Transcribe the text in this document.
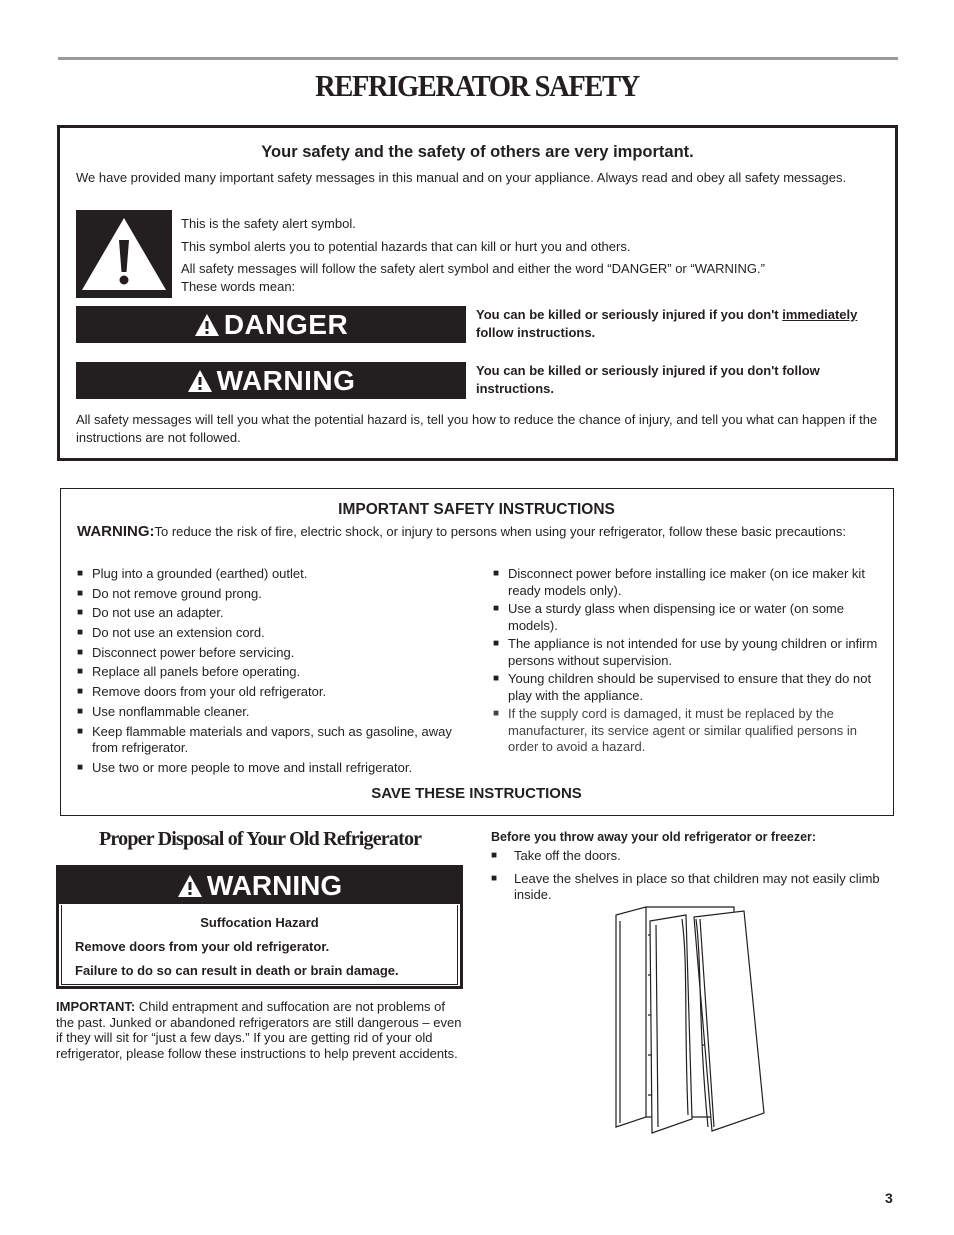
REFRIGERATOR SAFETY
Your safety and the safety of others are very important.
We have provided many important safety messages in this manual and on your appliance. Always read and obey all safety messages.
This is the safety alert symbol.
This symbol alerts you to potential hazards that can kill or hurt you and others.
All safety messages will follow the safety alert symbol and either the word “DANGER” or “WARNING.”
These words mean:
DANGER	You can be killed or seriously injured if you don't immediately follow instructions.
WARNING	You can be killed or seriously injured if you don't follow instructions.
All safety messages will tell you what the potential hazard is, tell you how to reduce the chance of injury, and tell you what can happen if the instructions are not followed.
IMPORTANT SAFETY INSTRUCTIONS
WARNING:To reduce the risk of fire, electric shock, or injury to persons when using your refrigerator, follow these basic precautions:
■ Plug into a grounded (earthed) outlet.
■ Do not remove ground prong.
■ Do not use an adapter.
■ Do not use an extension cord.
■ Disconnect power before servicing.
■ Replace all panels before operating.
■ Remove doors from your old refrigerator.
■ Use nonflammable cleaner.
■ Keep flammable materials and vapors, such as gasoline, away from refrigerator.
■ Use two or more people to move and install refrigerator.
■ Disconnect power before installing ice maker (on ice maker kit ready models only).
■ Use a sturdy glass when dispensing ice or water (on some models).
■ The appliance is not intended for use by young children or infirm persons without supervision.
■ Young children should be supervised to ensure that they do not play with the appliance.
■ If the supply cord is damaged, it must be replaced by the manufacturer, its service agent or similar qualified persons in order to avoid a hazard.
SAVE THESE INSTRUCTIONS
Proper Disposal of Your Old Refrigerator
WARNING
Suffocation Hazard
Remove doors from your old refrigerator.
Failure to do so can result in death or brain damage.
IMPORTANT: Child entrapment and suffocation are not problems of the past. Junked or abandoned refrigerators are still dangerous – even if they will sit for “just a few days.” If you are getting rid of your old refrigerator, please follow these instructions to help prevent accidents.
Before you throw away your old refrigerator or freezer:
■ Take off the doors.
■ Leave the shelves in place so that children may not easily climb inside.
3
